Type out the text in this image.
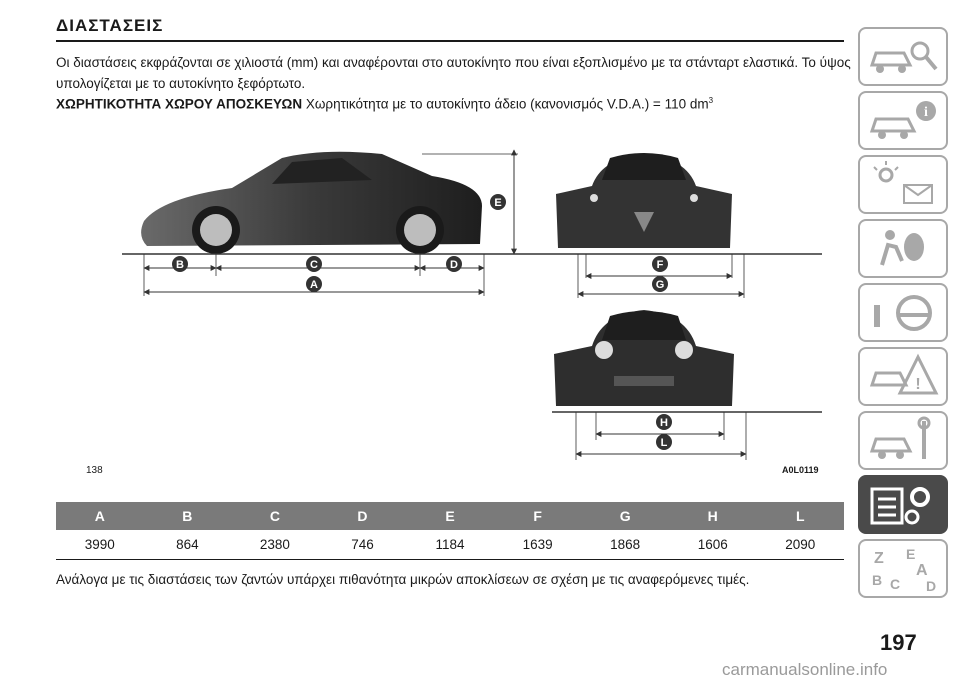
ΔΙΑΣΤΑΣΕΙΣ
Οι διαστάσεις εκφράζονται σε χιλιοστά (mm) και αναφέρονται στο αυτοκίνητο που είναι εξοπλισμένο με τα στάνταρτ ελαστικά. Το ύψος υπολογίζεται με το αυτοκίνητο ξεφόρτωτο.
ΧΩΡΗΤΙΚΟΤΗΤΑ ΧΩΡΟΥ ΑΠΟΣΚΕΥΩΝ Χωρητικότητα με το αυτοκίνητο άδειο (κανονισμός V.D.A.) = 110 $dm^3$
E
B	C	D
A
F
G
H
L
138	A0L0119
A	B	C	D	E	F	G	H	L
3990	864	2380	746	1184	1639	1868	1606	2090
Ανάλογα με τις διαστάσεις των ζαντών υπάρχει πιθανότητα μικρών αποκλίσεων σε σχέση με τις αναφερόμενες τιμές.
i
!
Z E
A
B C D
197
carmanualsonline.info
